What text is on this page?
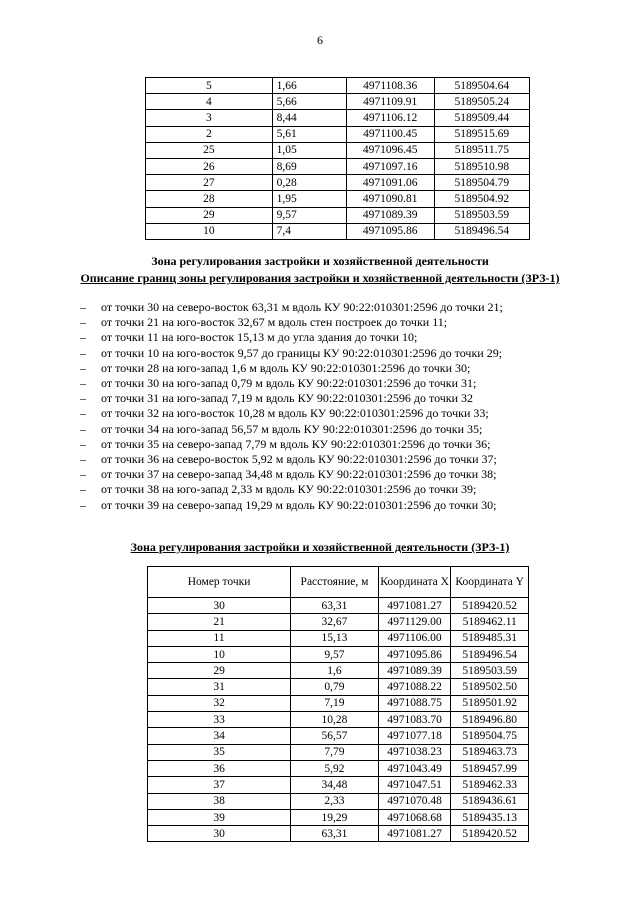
6
5	1,66	4971108.36	5189504.64
4	5,66	4971109.91	5189505.24
3	8,44	4971106.12	5189509.44
2	5,61	4971100.45	5189515.69
25	1,05	4971096.45	5189511.75
26	8,69	4971097.16	5189510.98
27	0,28	4971091.06	5189504.79
28	1,95	4971090.81	5189504.92
29	9,57	4971089.39	5189503.59
10	7,4	4971095.86	5189496.54
Зона регулирования застройки и хозяйственной деятельности
Описание границ зоны регулирования застройки и хозяйственной деятельности (ЗРЗ-1)
– от точки 30 на северо-восток 63,31 м вдоль КУ 90:22:010301:2596 до точки 21;
– от точки 21 на юго-восток 32,67 м вдоль стен построек до точки 11;
– от точки 11 на юго-восток 15,13 м до угла здания до точки 10;
– от точки 10 на юго-восток 9,57 до границы КУ 90:22:010301:2596 до точки 29;
– от точки 28 на юго-запад 1,6 м вдоль КУ 90:22:010301:2596 до точки 30;
– от точки 30 на юго-запад 0,79 м вдоль КУ 90:22:010301:2596 до точки 31;
– от точки 31 на юго-запад 7,19 м вдоль КУ 90:22:010301:2596 до точки 32
– от точки 32 на юго-восток 10,28 м вдоль КУ 90:22:010301:2596 до точки 33;
– от точки 34 на юго-запад 56,57 м вдоль КУ 90:22:010301:2596 до точки 35;
– от точки 35 на северо-запад 7,79 м вдоль КУ 90:22:010301:2596 до точки 36;
– от точки 36 на северо-восток 5,92 м вдоль КУ 90:22:010301:2596 до точки 37;
– от точки 37 на северо-запад 34,48 м вдоль КУ 90:22:010301:2596 до точки 38;
– от точки 38 на юго-запад 2,33 м вдоль КУ 90:22:010301:2596 до точки 39;
– от точки 39 на северо-запад 19,29 м вдоль КУ 90:22:010301:2596 до точки 30;
Зона регулирования застройки и хозяйственной деятельности (ЗРЗ-1)
Номер точки	Расстояние, м	Координата X	Координата Y
30	63,31	4971081.27	5189420.52
21	32,67	4971129.00	5189462.11
11	15,13	4971106.00	5189485.31
10	9,57	4971095.86	5189496.54
29	1,6	4971089.39	5189503.59
31	0,79	4971088.22	5189502.50
32	7,19	4971088.75	5189501.92
33	10,28	4971083.70	5189496.80
34	56,57	4971077.18	5189504.75
35	7,79	4971038.23	5189463.73
36	5,92	4971043.49	5189457.99
37	34,48	4971047.51	5189462.33
38	2,33	4971070.48	5189436.61
39	19,29	4971068.68	5189435.13
30	63,31	4971081.27	5189420.52
